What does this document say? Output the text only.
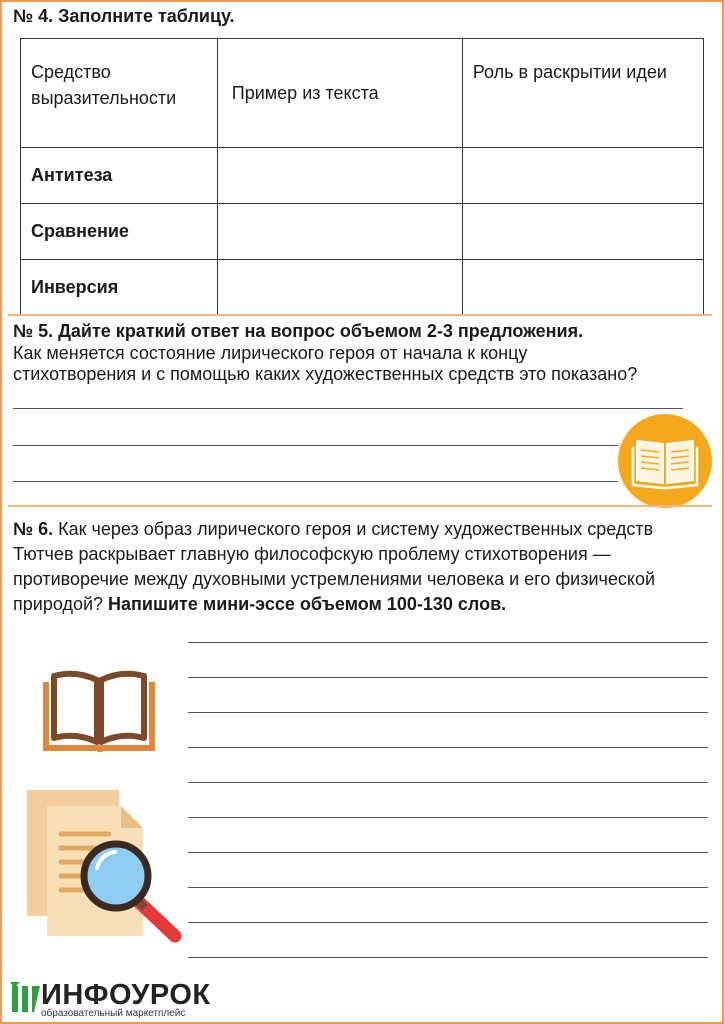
№ 4. Заполните таблицу.
Средство выразительности	Пример из текста	Роль в раскрытии идеи
Антитеза		
Сравнение		
Инверсия		
№ 5. Дайте краткий ответ на вопрос объемом 2-3 предложения.
Как меняется состояние лирического героя от начала к концу
стихотворения и с помощью каких художественных средств это показано?
№ 6. Как через образ лирического героя и систему художественных средств Тютчев раскрывает главную философскую проблему стихотворения — противоречие между духовными устремлениями человека и его физической природой? Напишите мини-эссе объемом 100-130 слов.
ИНФОУРОК
образовательный маркетплейс
